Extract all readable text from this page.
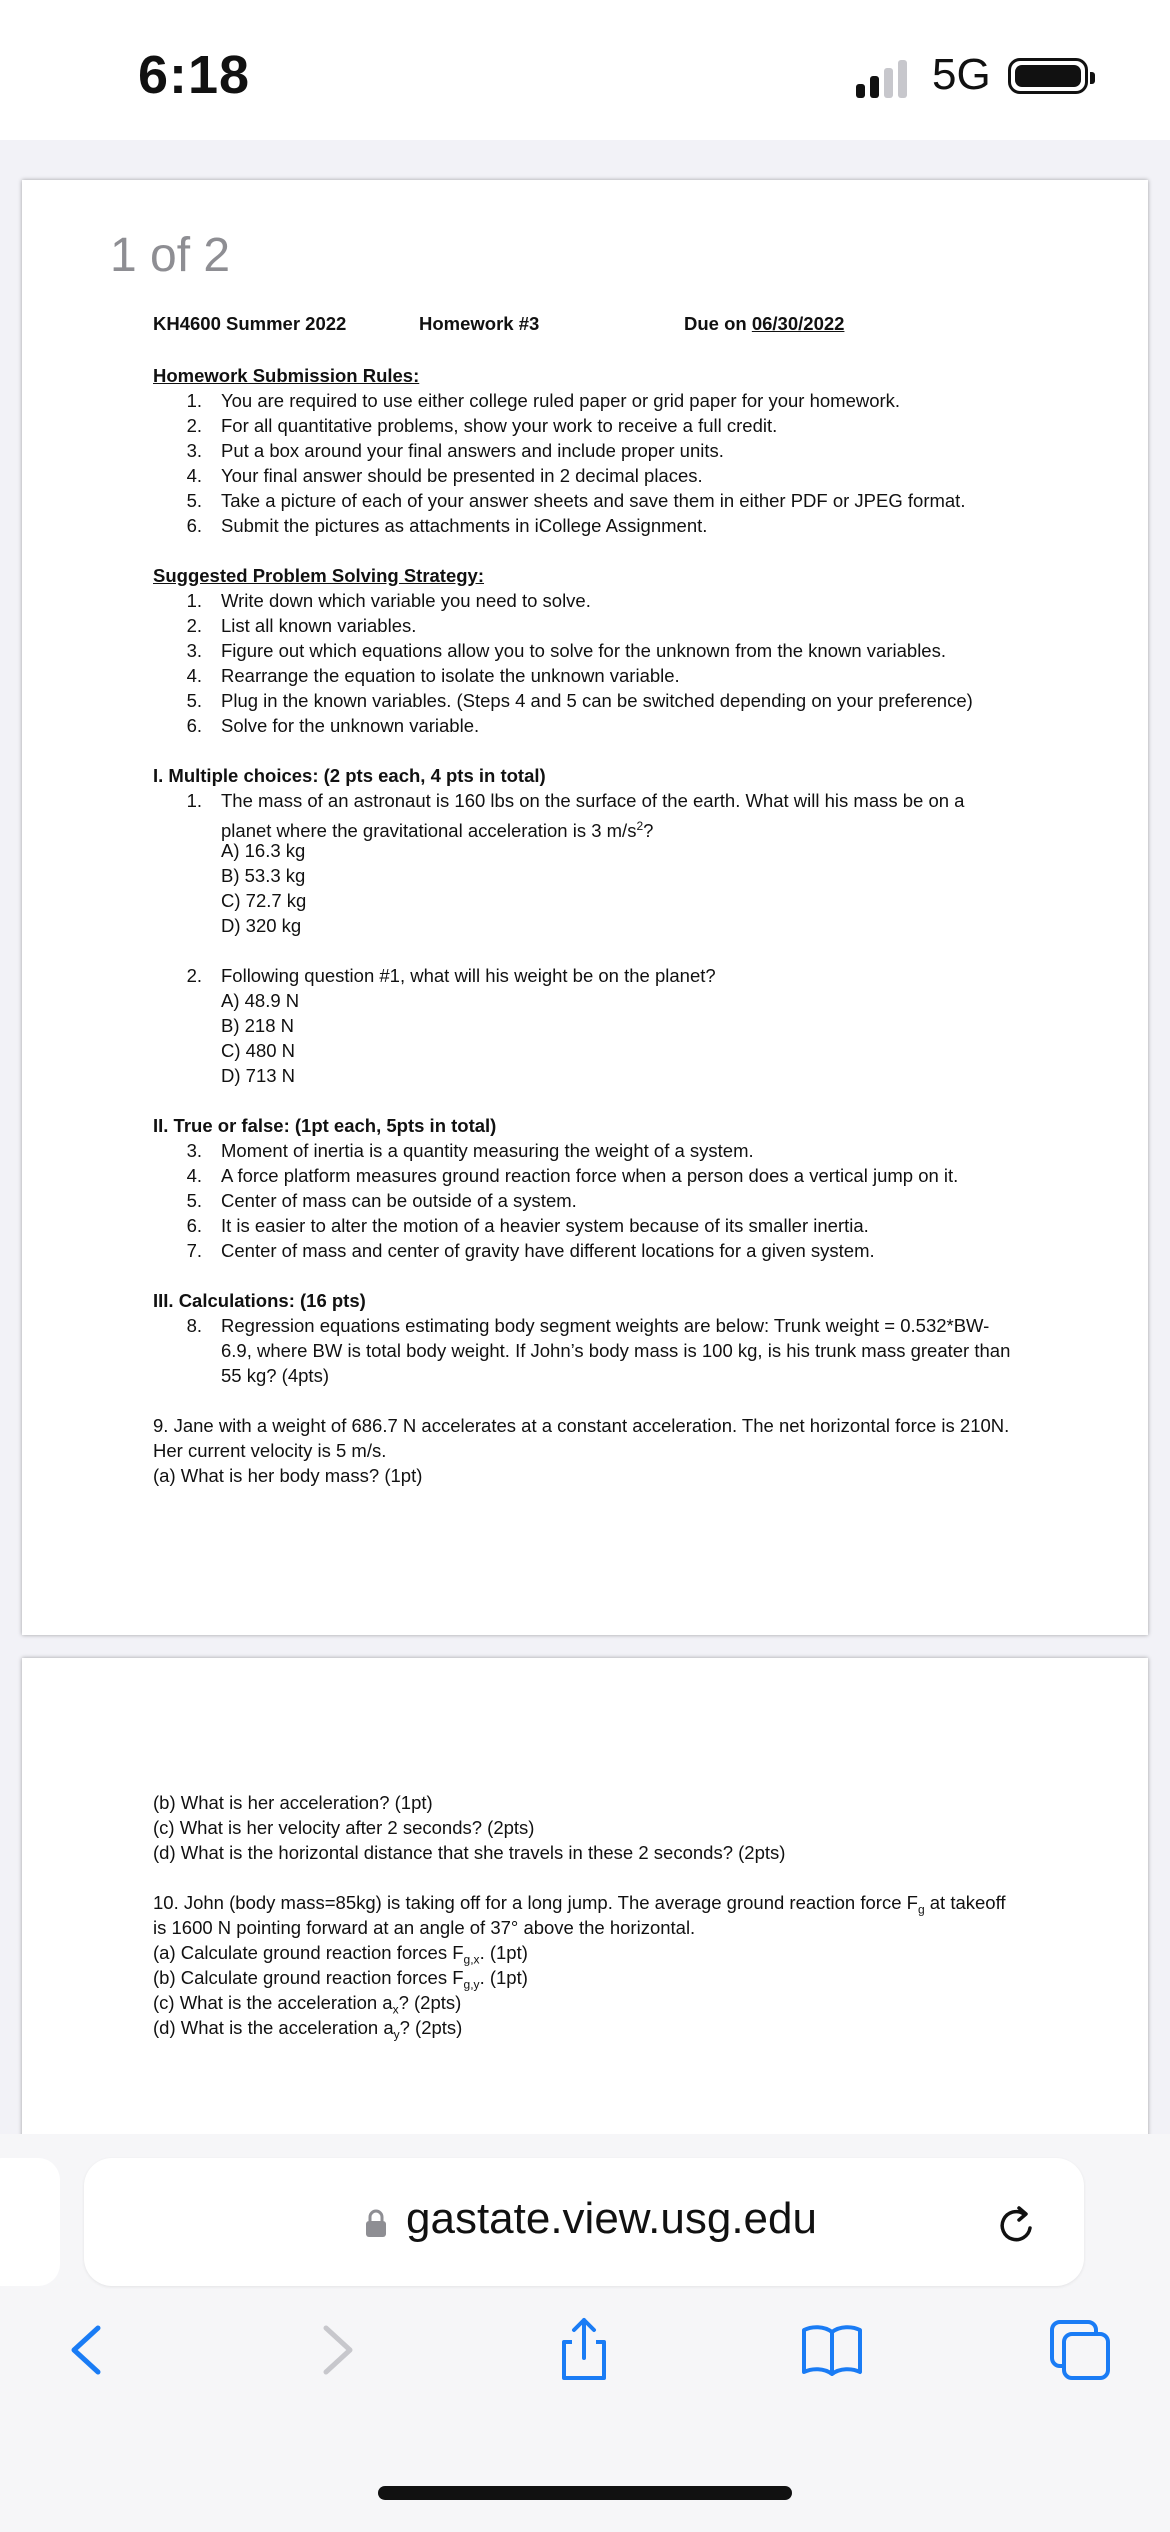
6:18	5G
1 of 2
KH4600 Summer 2022	Homework #3	Due on 06/30/2022
Homework Submission Rules:
1. You are required to use either college ruled paper or grid paper for your homework.
2. For all quantitative problems, show your work to receive a full credit.
3. Put a box around your final answers and include proper units.
4. Your final answer should be presented in 2 decimal places.
5. Take a picture of each of your answer sheets and save them in either PDF or JPEG format.
6. Submit the pictures as attachments in iCollege Assignment.
Suggested Problem Solving Strategy:
1. Write down which variable you need to solve.
2. List all known variables.
3. Figure out which equations allow you to solve for the unknown from the known variables.
4. Rearrange the equation to isolate the unknown variable.
5. Plug in the known variables. (Steps 4 and 5 can be switched depending on your preference)
6. Solve for the unknown variable.
I. Multiple choices: (2 pts each, 4 pts in total)
1. The mass of an astronaut is 160 lbs on the surface of the earth. What will his mass be on a
planet where the gravitational acceleration is 3 $m/s^2$?
A) 16.3 kg
B) 53.3 kg
C) 72.7 kg
D) 320 kg
2. Following question #1, what will his weight be on the planet?
A) 48.9 N
B) 218 N
C) 480 N
D) 713 N
II. True or false: (1pt each, 5pts in total)
3. Moment of inertia is a quantity measuring the weight of a system.
4. A force platform measures ground reaction force when a person does a vertical jump on it.
5. Center of mass can be outside of a system.
6. It is easier to alter the motion of a heavier system because of its smaller inertia.
7. Center of mass and center of gravity have different locations for a given system.
III. Calculations: (16 pts)
8. Regression equations estimating body segment weights are below: Trunk weight = 0.532*BW-
6.9, where BW is total body weight. If John’s body mass is 100 kg, is his trunk mass greater than
55 kg? (4pts)
9. Jane with a weight of 686.7 N accelerates at a constant acceleration. The net horizontal force is 210N.
Her current velocity is 5 m/s.
(a) What is her body mass? (1pt)
(b) What is her acceleration? (1pt)
(c) What is her velocity after 2 seconds? (2pts)
(d) What is the horizontal distance that she travels in these 2 seconds? (2pts)
10. John (body mass=85kg) is taking off for a long jump. The average ground reaction force $F_g$ at takeoff
is 1600 N pointing forward at an angle of 37° above the horizontal.
(a) Calculate ground reaction forces $F_{g,x}$. (1pt)
(b) Calculate ground reaction forces $F_{g,y}$. (1pt)
(c) What is the acceleration $a_x$? (2pts)
(d) What is the acceleration $a_y$? (2pts)
gastate.view.usg.edu
